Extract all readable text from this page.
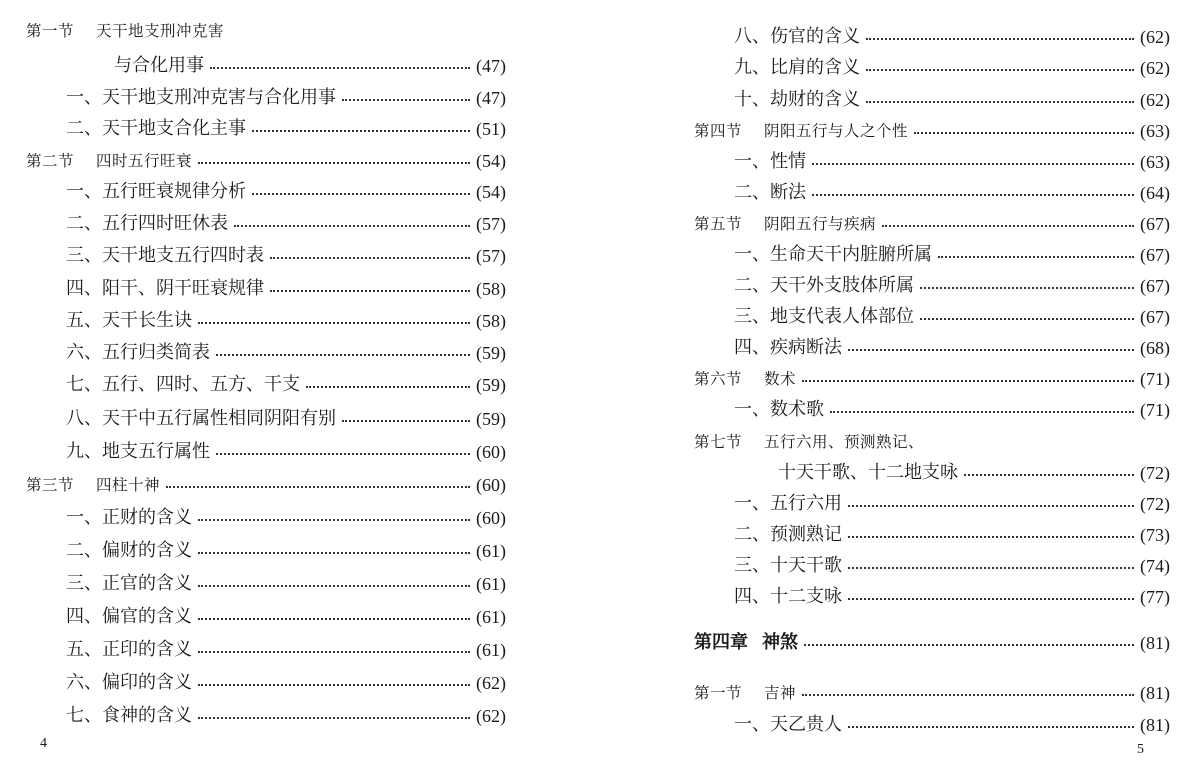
第一节 天干地支刑冲克害
与合化用事	(47)
一、天干地支刑冲克害与合化用事	(47)
二、天干地支合化主事	(51)
第二节 四时五行旺衰	(54)
一、五行旺衰规律分析	(54)
二、五行四时旺休表	(57)
三、天干地支五行四时表	(57)
四、阳干、阴干旺衰规律	(58)
五、天干长生诀	(58)
六、五行归类简表	(59)
七、五行、四时、五方、干支	(59)
八、天干中五行属性相同阴阳有别	(59)
九、地支五行属性	(60)
第三节 四柱十神	(60)
一、正财的含义	(60)
二、偏财的含义	(61)
三、正官的含义	(61)
四、偏官的含义	(61)
五、正印的含义	(61)
六、偏印的含义	(62)
七、食神的含义	(62)
4
八、伤官的含义	(62)
九、比肩的含义	(62)
十、劫财的含义	(62)
第四节 阴阳五行与人之个性	(63)
一、性情	(63)
二、断法	(64)
第五节 阴阳五行与疾病	(67)
一、生命天干内脏腑所属	(67)
二、天干外支肢体所属	(67)
三、地支代表人体部位	(67)
四、疾病断法	(68)
第六节 数术	(71)
一、数术歌	(71)
第七节 五行六用、预测熟记、
十天干歌、十二地支咏	(72)
一、五行六用	(72)
二、预测熟记	(73)
三、十天干歌	(74)
四、十二支咏	(77)
第四章 神煞	(81)
第一节 吉神	(81)
一、天乙贵人	(81)
5
